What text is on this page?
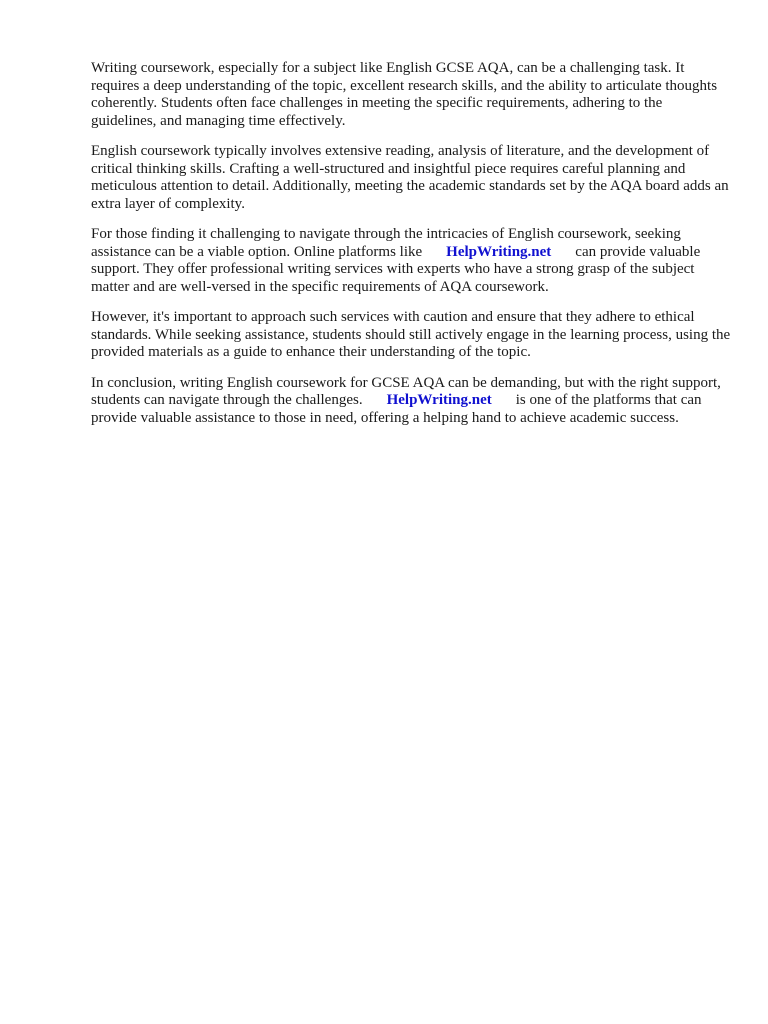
Writing coursework, especially for a subject like English GCSE AQA, can be a challenging task. It requires a deep understanding of the topic, excellent research skills, and the ability to articulate thoughts coherently. Students often face challenges in meeting the specific requirements, adhering to the guidelines, and managing time effectively.

English coursework typically involves extensive reading, analysis of literature, and the development of critical thinking skills. Crafting a well-structured and insightful piece requires careful planning and meticulous attention to detail. Additionally, meeting the academic standards set by the AQA board adds an extra layer of complexity.

For those finding it challenging to navigate through the intricacies of English coursework, seeking assistance can be a viable option. Online platforms like HelpWriting.net can provide valuable support. They offer professional writing services with experts who have a strong grasp of the subject matter and are well-versed in the specific requirements of AQA coursework.

However, it's important to approach such services with caution and ensure that they adhere to ethical standards. While seeking assistance, students should still actively engage in the learning process, using the provided materials as a guide to enhance their understanding of the topic.

In conclusion, writing English coursework for GCSE AQA can be demanding, but with the right support, students can navigate through the challenges. HelpWriting.net is one of the platforms that can provide valuable assistance to those in need, offering a helping hand to achieve academic success.
